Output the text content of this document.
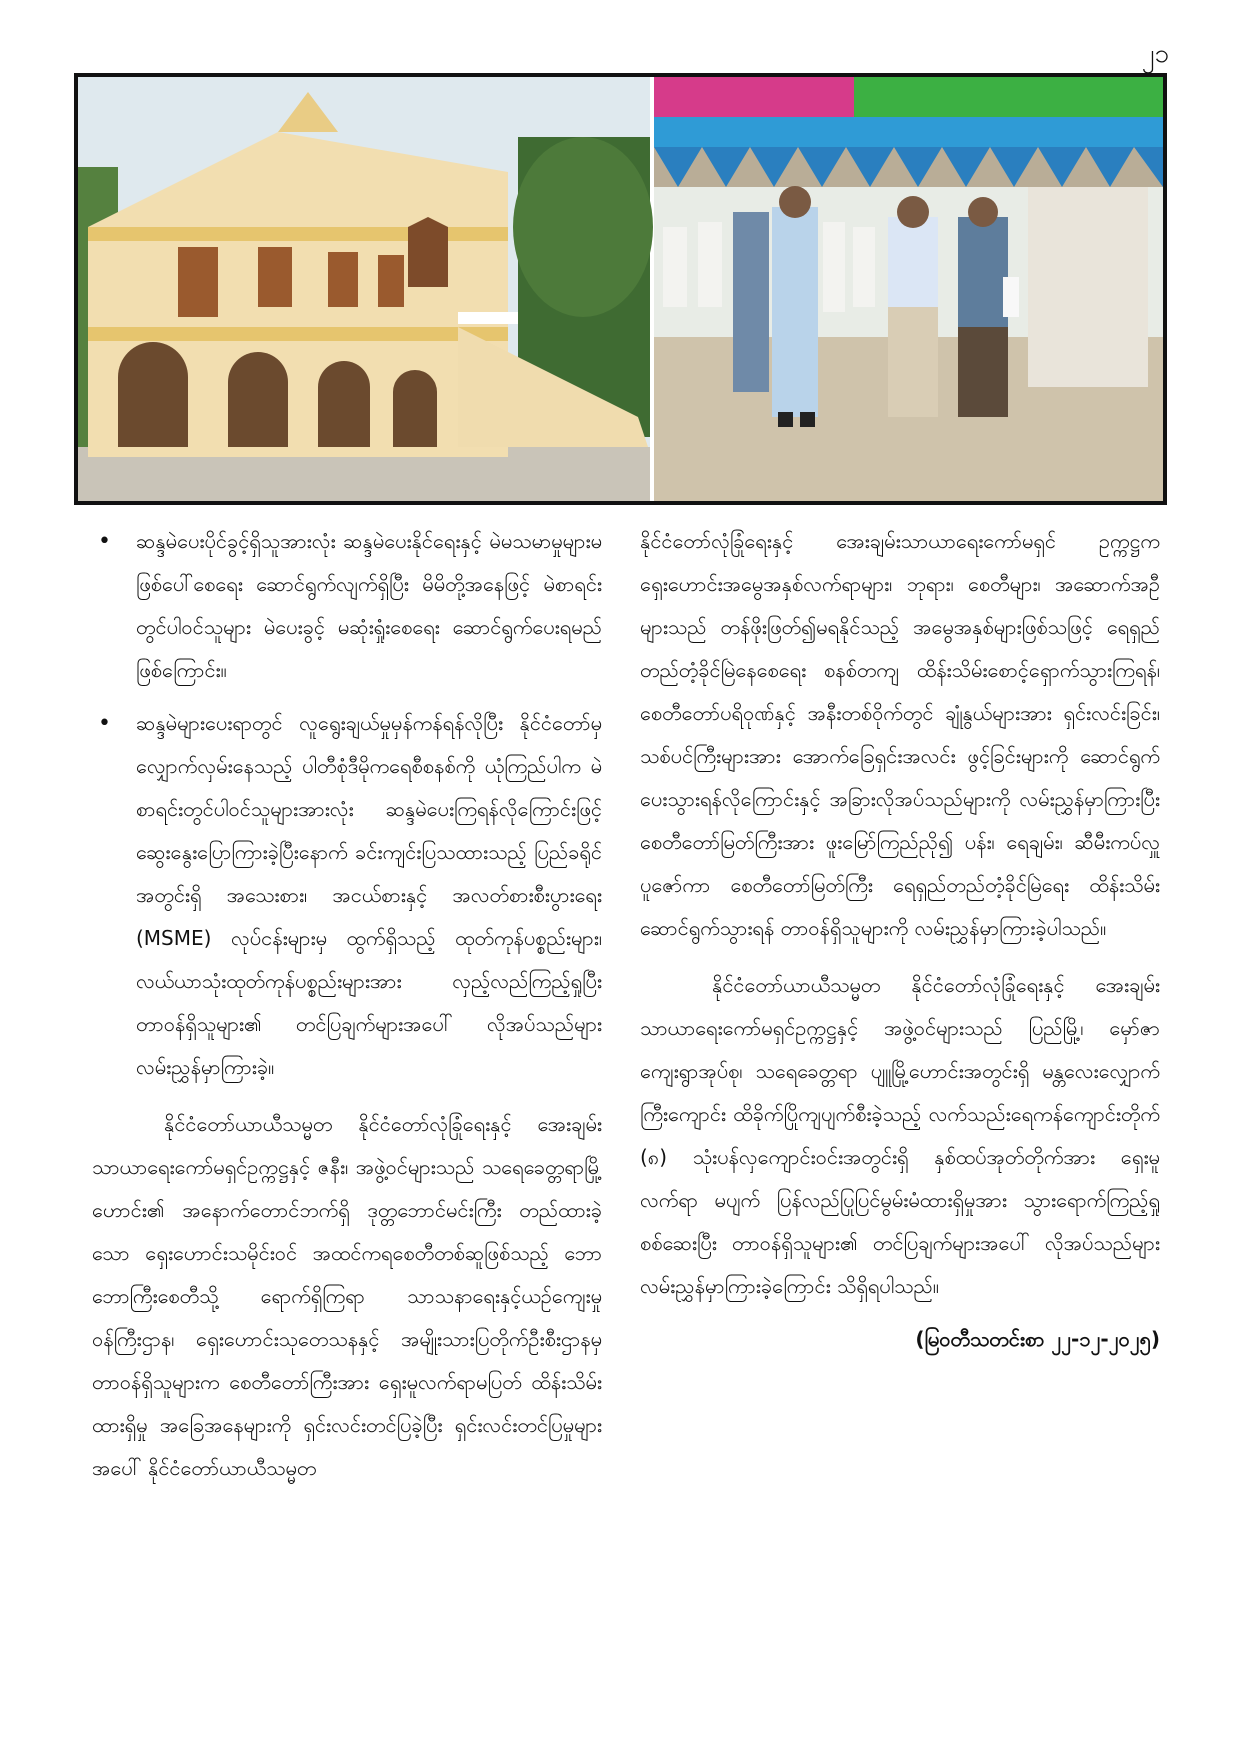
၂၁
• ဆန္ဒမဲပေးပိုင်ခွင့်ရှိသူအားလုံး ဆန္ဒမဲပေးနိုင်ရေးနှင့် မဲမသမာမှုများမဖြစ်ပေါ်စေရေး ဆောင်ရွက်လျက်ရှိပြီး မိမိတို့အနေဖြင့် မဲစာရင်းတွင်ပါဝင်သူများ မဲပေးခွင့် မဆုံးရှုံးစေရေး ဆောင်ရွက်ပေးရမည်ဖြစ်ကြောင်း။
• ဆန္ဒမဲများပေးရာတွင် လူရွေးချယ်မှုမှန်ကန်ရန်လိုပြီး နိုင်ငံတော်မှလျှောက်လှမ်းနေသည့် ပါတီစုံဒီမိုကရေစီစနစ်ကို ယုံကြည်ပါက မဲစာရင်းတွင်ပါဝင်သူများအားလုံး ဆန္ဒမဲပေးကြရန်လိုကြောင်းဖြင့် ဆွေးနွေးပြောကြားခဲ့ပြီးနောက် ခင်းကျင်းပြသထားသည့် ပြည်ခရိုင်အတွင်းရှိ အသေးစား၊ အငယ်စားနှင့် အလတ်စားစီးပွားရေး (MSME) လုပ်ငန်းများမှ ထွက်ရှိသည့် ထုတ်ကုန်ပစ္စည်းများ၊ လယ်ယာသုံးထုတ်ကုန်ပစ္စည်းများအား လှည့်လည်ကြည့်ရှုပြီး တာဝန်ရှိသူများ၏ တင်ပြချက်များအပေါ် လိုအပ်သည်များ လမ်းညွှန်မှာကြားခဲ့။

နိုင်ငံတော်ယာယီသမ္မတ နိုင်ငံတော်လုံခြုံရေးနှင့် အေးချမ်းသာယာရေးကော်မရှင်ဥက္ကဋ္ဌနှင့် ဇနီး၊ အဖွဲ့ဝင်များသည် သရေခေတ္တရာမြို့ဟောင်း၏ အနောက်တောင်ဘက်ရှိ ဒုတ္တဘောင်မင်းကြီး တည်ထားခဲ့သော ရှေးဟောင်းသမိုင်းဝင် အထင်ကရစေတီတစ်ဆူဖြစ်သည့် ဘောဘောကြီးစေတီသို့ ရောက်ရှိကြရာ သာသနာရေးနှင့်ယဉ်ကျေးမှုဝန်ကြီးဌာန၊ ရှေးဟောင်းသုတေသနနှင့် အမျိုးသားပြတိုက်ဦးစီးဌာနမှ တာဝန်ရှိသူများက စေတီတော်ကြီးအား ရှေးမူလက်ရာမပြတ် ထိန်းသိမ်းထားရှိမှု အခြေအနေများကို ရှင်းလင်းတင်ပြခဲ့ပြီး ရှင်းလင်းတင်ပြမှုများအပေါ် နိုင်ငံတော်ယာယီသမ္မတ

နိုင်ငံတော်လုံခြုံရေးနှင့် အေးချမ်းသာယာရေးကော်မရှင် ဥက္ကဋ္ဌက ရှေးဟောင်းအမွေအနှစ်လက်ရာများ၊ ဘုရား၊ စေတီများ၊ အဆောက်အဦများသည် တန်ဖိုးဖြတ်၍မရနိုင်သည့် အမွေအနှစ်များဖြစ်သဖြင့် ရေရှည်တည်တံ့ခိုင်မြဲနေစေရေး စနစ်တကျ ထိန်းသိမ်းစောင့်ရှောက်သွားကြရန်၊ စေတီတော်ပရိဝုဏ်နှင့် အနီးတစ်ဝိုက်တွင် ချုံနွယ်များအား ရှင်းလင်းခြင်း၊ သစ်ပင်ကြီးများအား အောက်ခြေရှင်းအလင်း ဖွင့်ခြင်းများကို ဆောင်ရွက်ပေးသွားရန်လိုကြောင်းနှင့် အခြားလိုအပ်သည်များကို လမ်းညွှန်မှာကြားပြီး စေတီတော်မြတ်ကြီးအား ဖူးမြော်ကြည်ညို၍ ပန်း၊ ရေချမ်း၊ ဆီမီးကပ်လှူပူဇော်ကာ စေတီတော်မြတ်ကြီး ရေရှည်တည်တံ့ခိုင်မြဲရေး ထိန်းသိမ်းဆောင်ရွက်သွားရန် တာဝန်ရှိသူများကို လမ်းညွှန်မှာကြားခဲ့ပါသည်။

နိုင်ငံတော်ယာယီသမ္မတ နိုင်ငံတော်လုံခြုံရေးနှင့် အေးချမ်းသာယာရေးကော်မရှင်ဥက္ကဋ္ဌနှင့် အဖွဲ့ဝင်များသည် ပြည်မြို့၊ မှော်ဇာကျေးရွာအုပ်စု၊ သရေခေတ္တရာ ပျူမြို့ဟောင်းအတွင်းရှိ မန္တလေးလျှောက်ကြီးကျောင်း ထိခိုက်ပြိုကျပျက်စီးခဲ့သည့် လက်သည်းရေကန်ကျောင်းတိုက် (၈) သုံးပန်လှကျောင်းဝင်းအတွင်းရှိ နှစ်ထပ်အုတ်တိုက်အား ရှေးမူလက်ရာ မပျက် ပြန်လည်ပြုပြင်မွမ်းမံထားရှိမှုအား သွားရောက်ကြည့်ရှုစစ်ဆေးပြီး တာဝန်ရှိသူများ၏ တင်ပြချက်များအပေါ် လိုအပ်သည်များ လမ်းညွှန်မှာကြားခဲ့ကြောင်း သိရှိရပါသည်။

(မြဝတီသတင်းစာ ၂၂-၁၂-၂၀၂၅)
